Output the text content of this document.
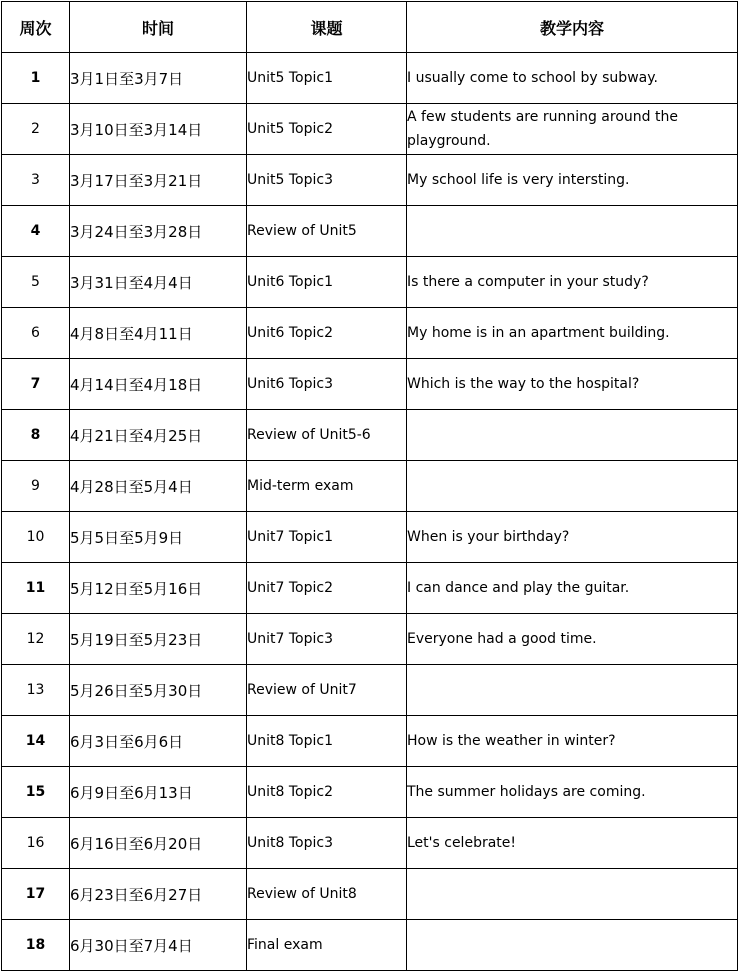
周次	时间	课题	教学内容
1	3月1日至3月7日	Unit5 Topic1	I usually come to school by subway.
2	3月10日至3月14日	Unit5 Topic2	A few students are running around the playground.
3	3月17日至3月21日	Unit5 Topic3	My school life is very intersting.
4	3月24日至3月28日	Review of Unit5	
5	3月31日至4月4日	Unit6 Topic1	Is there a computer in your study?
6	4月8日至4月11日	Unit6 Topic2	My home is in an apartment building.
7	4月14日至4月18日	Unit6 Topic3	Which is the way to the hospital?
8	4月21日至4月25日	Review of Unit5-6	
9	4月28日至5月4日	Mid-term exam	
10	5月5日至5月9日	Unit7 Topic1	When is your birthday?
11	5月12日至5月16日	Unit7 Topic2	I can dance and play the guitar.
12	5月19日至5月23日	Unit7 Topic3	Everyone had a good time.
13	5月26日至5月30日	Review of Unit7	
14	6月3日至6月6日	Unit8 Topic1	How is the weather in winter?
15	6月9日至6月13日	Unit8 Topic2	The summer holidays are coming.
16	6月16日至6月20日	Unit8 Topic3	Let's celebrate!
17	6月23日至6月27日	Review of Unit8	
18	6月30日至7月4日	Final exam	
